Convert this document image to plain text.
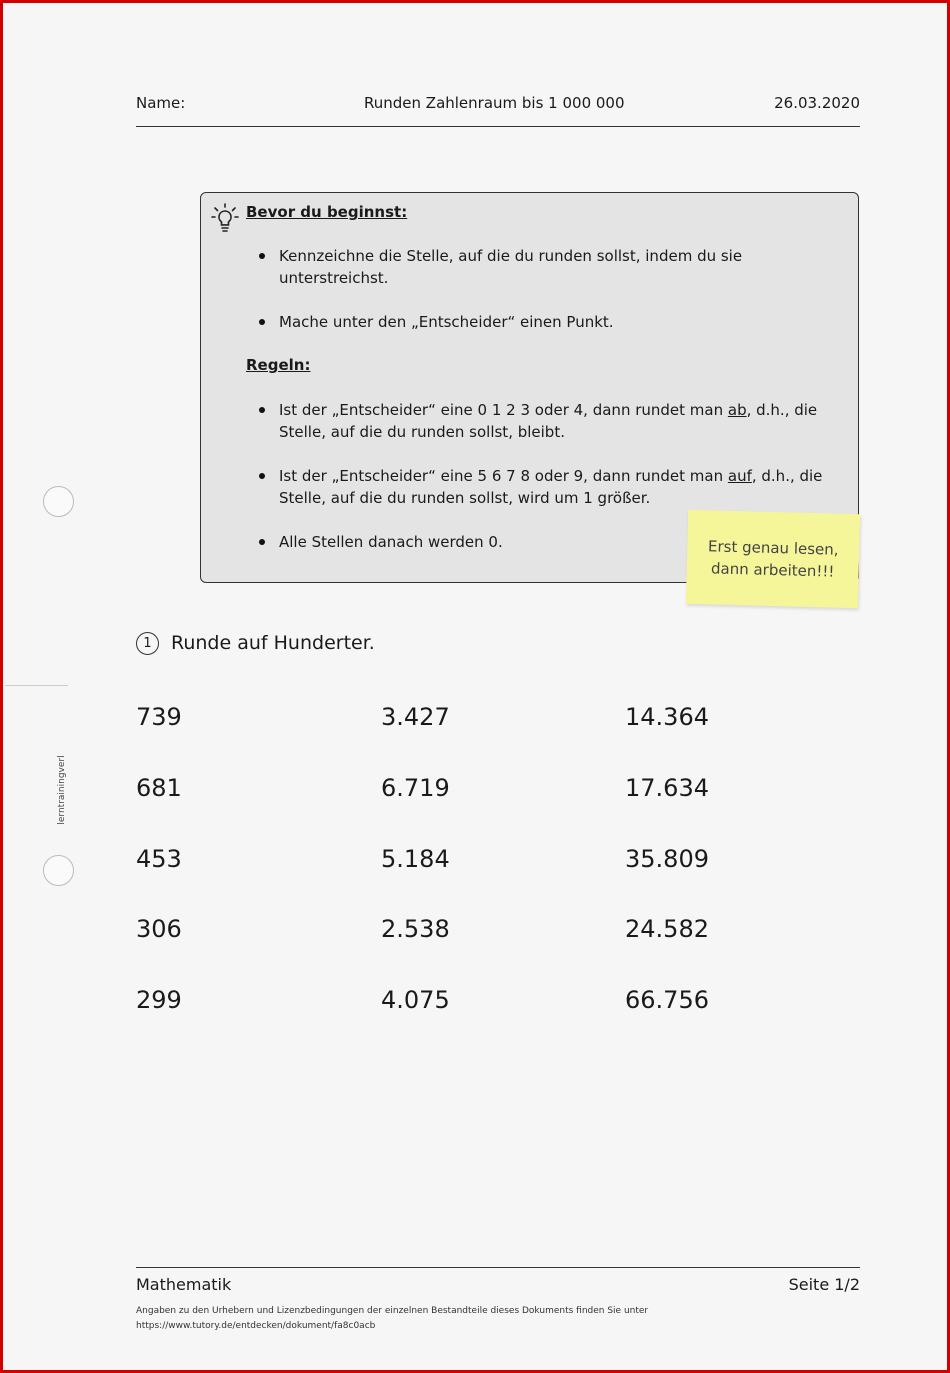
Name:	Runden Zahlenraum bis 1 000 000	26.03.2020
Bevor du beginnst:
Kennzeichne die Stelle, auf die du runden sollst, indem du sie unterstreichst.
Mache unter den „Entscheider“ einen Punkt.
Regeln:
Ist der „Entscheider“ eine 0 1 2 3 oder 4, dann rundet man ab, d.h., die Stelle, auf die du runden sollst, bleibt.
Ist der „Entscheider“ eine 5 6 7 8 oder 9, dann rundet man auf, d.h., die Stelle, auf die du runden sollst, wird um 1 größer.
Alle Stellen danach werden 0.	Erst genau lesen,
dann arbeiten!!!
lerntrainingverl
1 Runde auf Hunderter.
739	3.427	14.364
681	6.719	17.634
453	5.184	35.809
306	2.538	24.582
299	4.075	66.756
Mathematik	Seite 1/2
Angaben zu den Urhebern und Lizenzbedingungen der einzelnen Bestandteile dieses Dokuments finden Sie unter
https://www.tutory.de/entdecken/dokument/fa8c0acb
